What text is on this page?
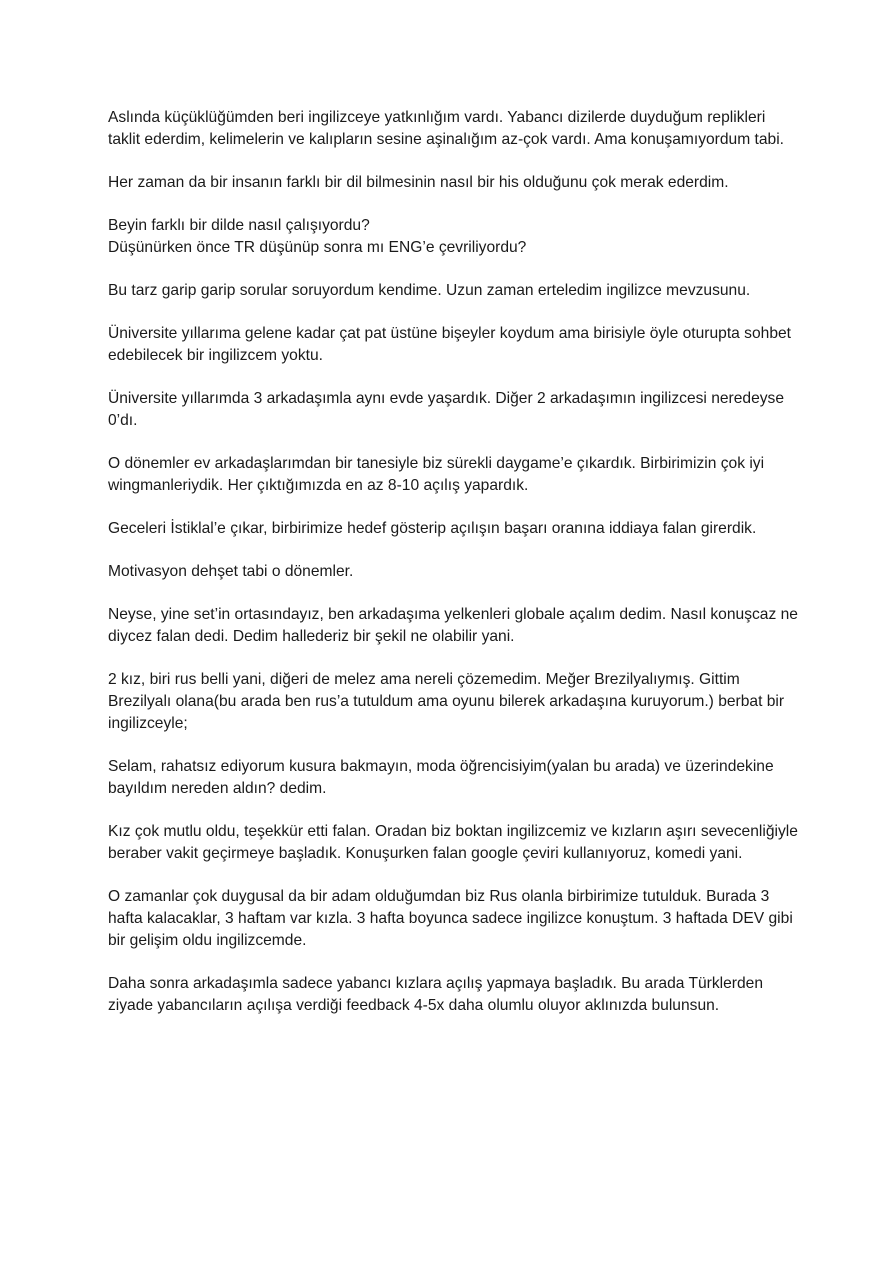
Aslında küçüklüğümden beri ingilizceye yatkınlığım vardı. Yabancı dizilerde duyduğum replikleri taklit ederdim, kelimelerin ve kalıpların sesine aşinalığım az-çok vardı. Ama konuşamıyordum tabi.

Her zaman da bir insanın farklı bir dil bilmesinin nasıl bir his olduğunu çok merak ederdim.

Beyin farklı bir dilde nasıl çalışıyordu?
Düşünürken önce TR düşünüp sonra mı ENG’e çevriliyordu?

Bu tarz garip garip sorular soruyordum kendime. Uzun zaman erteledim ingilizce mevzusunu.

Üniversite yıllarıma gelene kadar çat pat üstüne bişeyler koydum ama birisiyle öyle oturupta sohbet edebilecek bir ingilizcem yoktu.

Üniversite yıllarımda 3 arkadaşımla aynı evde yaşardık. Diğer 2 arkadaşımın ingilizcesi neredeyse 0’dı.

O dönemler ev arkadaşlarımdan bir tanesiyle biz sürekli daygame’e çıkardık. Birbirimizin çok iyi wingmanleriydik. Her çıktığımızda en az 8-10 açılış yapardık.

Geceleri İstiklal’e çıkar, birbirimize hedef gösterip açılışın başarı oranına iddiaya falan girerdik.

Motivasyon dehşet tabi o dönemler.

Neyse, yine set’in ortasındayız, ben arkadaşıma yelkenleri globale açalım dedim. Nasıl konuşcaz ne diycez falan dedi. Dedim hallederiz bir şekil ne olabilir yani.

2 kız, biri rus belli yani, diğeri de melez ama nereli çözemedim. Meğer Brezilyalıymış. Gittim Brezilyalı olana(bu arada ben rus’a tutuldum ama oyunu bilerek arkadaşına kuruyorum.) berbat bir ingilizceyle;

Selam, rahatsız ediyorum kusura bakmayın, moda öğrencisiyim(yalan bu arada) ve üzerindekine bayıldım nereden aldın? dedim.

Kız çok mutlu oldu, teşekkür etti falan. Oradan biz boktan ingilizcemiz ve kızların aşırı sevecenliğiyle beraber vakit geçirmeye başladık. Konuşurken falan google çeviri kullanıyoruz, komedi yani.

O zamanlar çok duygusal da bir adam olduğumdan biz Rus olanla birbirimize tutulduk. Burada 3 hafta kalacaklar, 3 haftam var kızla. 3 hafta boyunca sadece ingilizce konuştum. 3 haftada DEV gibi bir gelişim oldu ingilizcemde.

Daha sonra arkadaşımla sadece yabancı kızlara açılış yapmaya başladık. Bu arada Türklerden ziyade yabancıların açılışa verdiği feedback 4-5x daha olumlu oluyor aklınızda bulunsun.
